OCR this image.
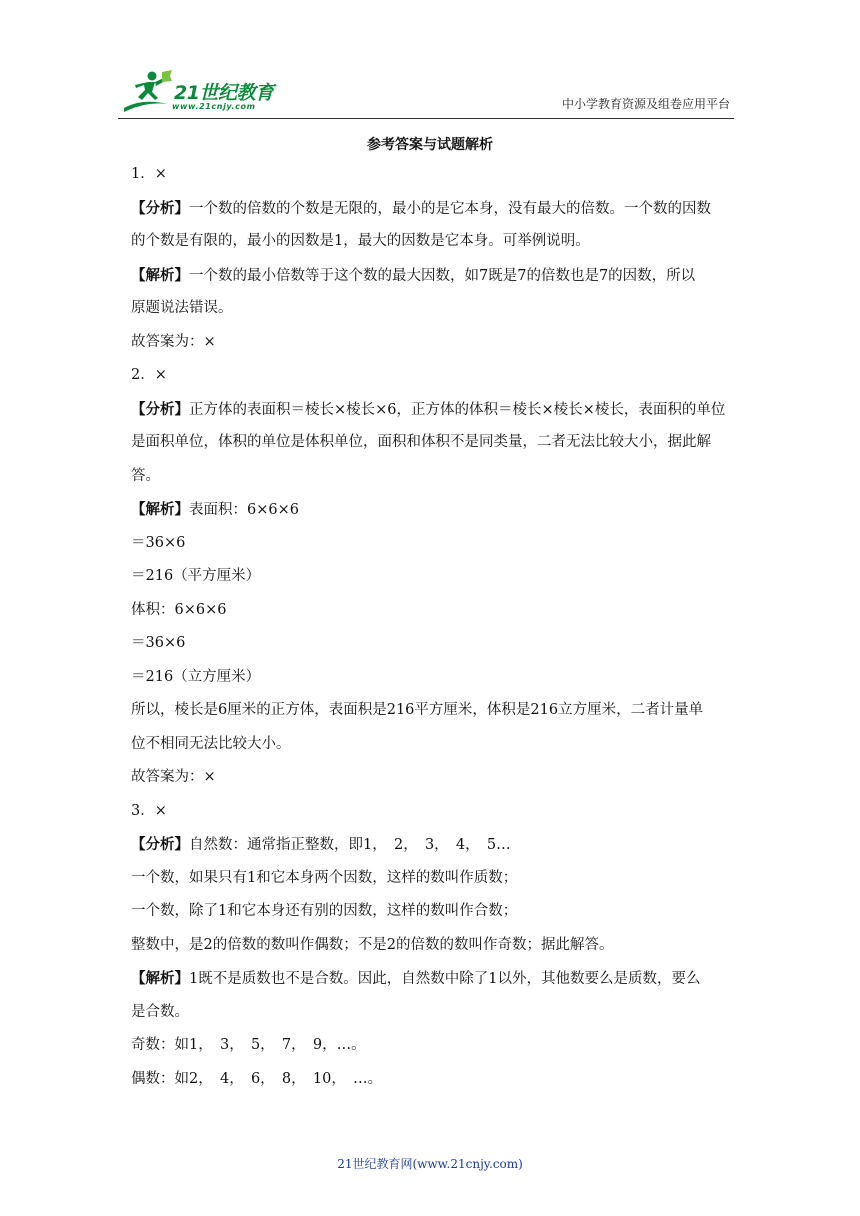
21世纪教育
www.21cnjy.com	中小学教育资源及组卷应用平台
参考答案与试题解析
1．×
【分析】一个数的倍数的个数是无限的，最小的是它本身，没有最大的倍数。一个数的因数
的个数是有限的，最小的因数是1，最大的因数是它本身。可举例说明。
【解析】一个数的最小倍数等于这个数的最大因数，如7既是7的倍数也是7的因数，所以
原题说法错误。
故答案为：×
2．×
【分析】正方体的表面积＝棱长×棱长×6，正方体的体积＝棱长×棱长×棱长，表面积的单位
是面积单位，体积的单位是体积单位，面积和体积不是同类量，二者无法比较大小，据此解
答。
【解析】表面积：6×6×6
＝36×6
＝216（平方厘米）
体积：6×6×6
＝36×6
＝216（立方厘米）
所以，棱长是6厘米的正方体，表面积是216平方厘米，体积是216立方厘米，二者计量单
位不相同无法比较大小。
故答案为：×
3．×
【分析】自然数：通常指正整数，即1，　2，　3，　4，　5…
一个数，如果只有1和它本身两个因数，这样的数叫作质数；
一个数，除了1和它本身还有别的因数，这样的数叫作合数；
整数中，是2的倍数的数叫作偶数；不是2的倍数的数叫作奇数；据此解答。
【解析】1既不是质数也不是合数。因此，自然数中除了1以外，其他数要么是质数，要么
是合数。
奇数：如1，　3，　5，　7，　9，…。
偶数：如2，　4，　6，　8，　10，　…。
21世纪教育网(www.21cnjy.com)
